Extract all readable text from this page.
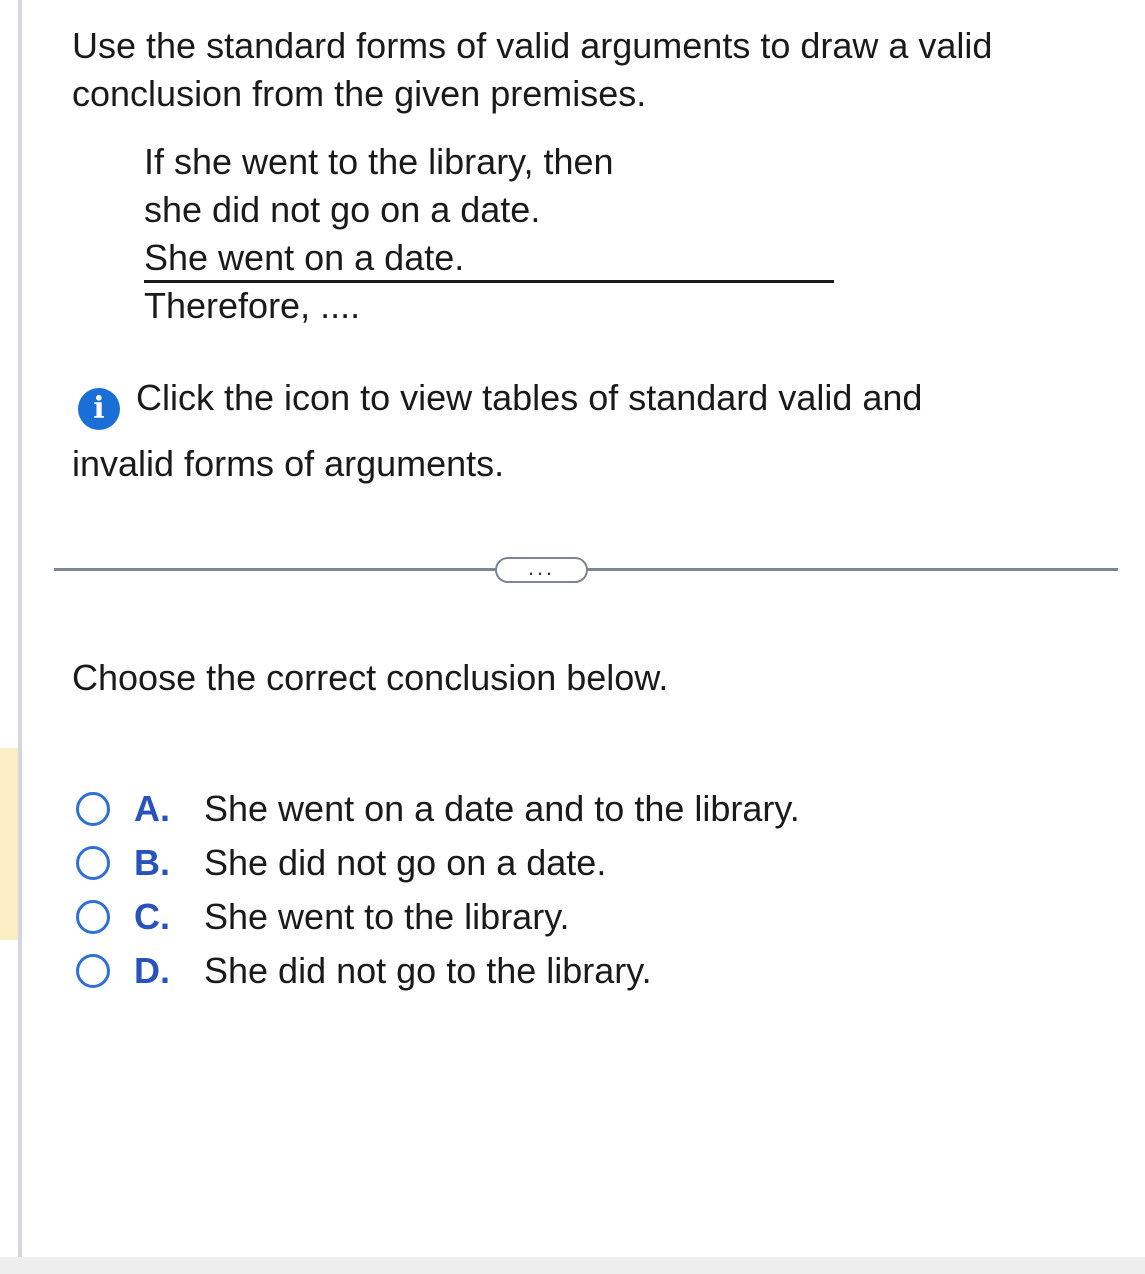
Use the standard forms of valid arguments to draw a valid conclusion from the given premises.

If she went to the library, then
she did not go on a date.
She went on a date.
Therefore, ....
i Click the icon to view tables of standard valid and
invalid forms of arguments.
...
Choose the correct conclusion below.
A. She went on a date and to the library.
B. She did not go on a date.
C. She went to the library.
D. She did not go to the library.
